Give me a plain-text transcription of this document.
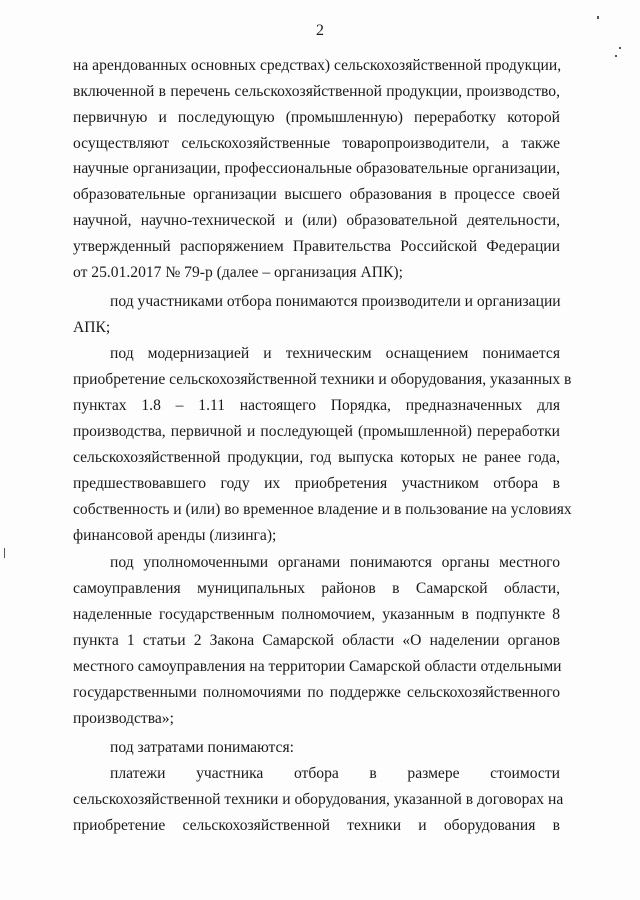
2
на арендованных основных средствах) сельскохозяйственной продукции,
включенной в перечень сельскохозяйственной продукции, производство,
первичную и последующую (промышленную) переработку которой
осуществляют сельскохозяйственные товаропроизводители, а также
научные организации, профессиональные образовательные организации,
образовательные организации высшего образования в процессе своей
научной, научно-технической и (или) образовательной деятельности,
утвержденный распоряжением Правительства Российской Федерации
от 25.01.2017 № 79-р (далее – организация АПК);
под участниками отбора понимаются производители и организации
АПК;
под модернизацией и техническим оснащением понимается
приобретение сельскохозяйственной техники и оборудования, указанных в
пунктах 1.8 – 1.11 настоящего Порядка, предназначенных для
производства, первичной и последующей (промышленной) переработки
сельскохозяйственной продукции, год выпуска которых не ранее года,
предшествовавшего году их приобретения участником отбора в
собственность и (или) во временное владение и в пользование на условиях
финансовой аренды (лизинга);
под уполномоченными органами понимаются органы местного
самоуправления муниципальных районов в Самарской области,
наделенные государственным полномочием, указанным в подпункте 8
пункта 1 статьи 2 Закона Самарской области «О наделении органов
местного самоуправления на территории Самарской области отдельными
государственными полномочиями по поддержке сельскохозяйственного
производства»;
под затратами понимаются:
платежи участника отбора в размере стоимости
сельскохозяйственной техники и оборудования, указанной в договорах на
приобретение сельскохозяйственной техники и оборудования в
